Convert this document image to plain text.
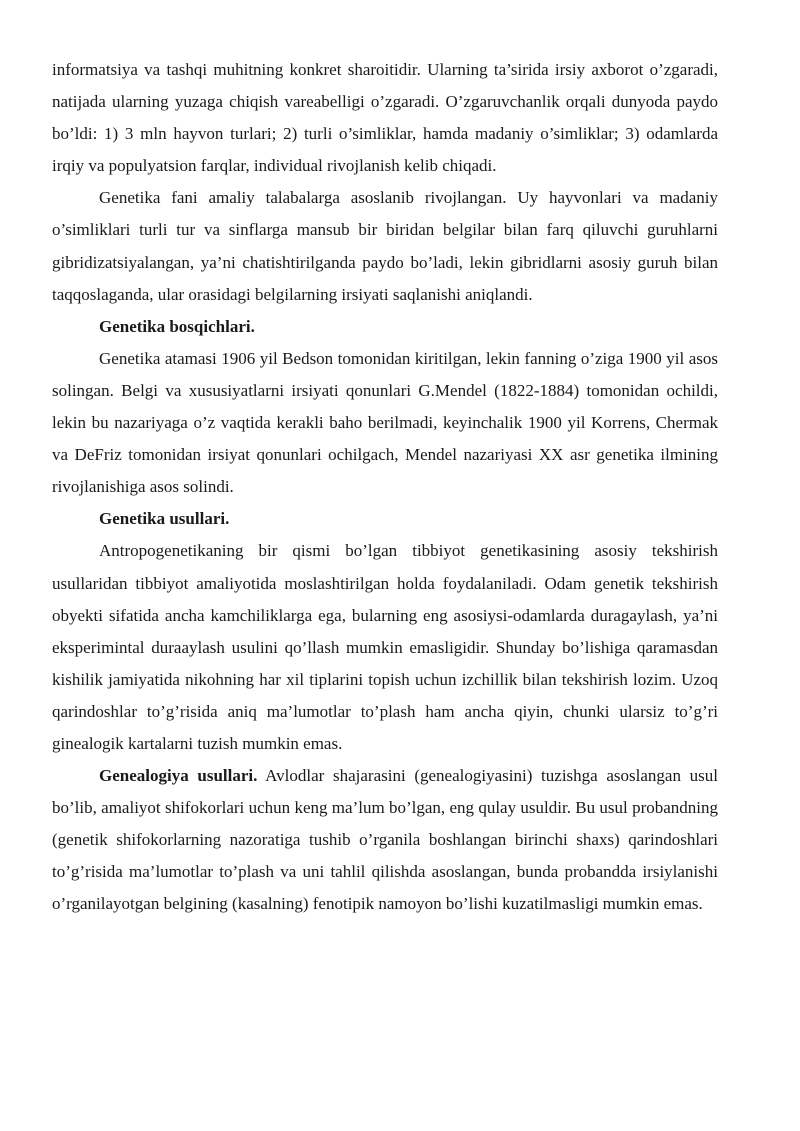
informatsiya va tashqi muhitning konkret sharoitidir. Ularning ta’sirida irsiy axborot o’zgaradi, natijada ularning yuzaga chiqish vareabelligi o’zgaradi. O’zgaruvchanlik orqali dunyoda paydo bo’ldi: 1) 3 mln hayvon turlari; 2) turli o’simliklar, hamda madaniy o’simliklar; 3) odamlarda irqiy va populyatsion farqlar, individual rivojlanish kelib chiqadi.

Genetika fani amaliy talabalarga asoslanib rivojlangan. Uy hayvonlari va madaniy o’simliklari turli tur va sinflarga mansub bir biridan belgilar bilan farq qiluvchi guruhlarni gibridizatsiyalangan, ya’ni chatishtirilganda paydo bo’ladi, lekin gibridlarni asosiy guruh bilan taqqoslaganda, ular orasidagi belgilarning irsiyati saqlanishi aniqlandi.

Genetika bosqichlari.

Genetika atamasi 1906 yil Bedson tomonidan kiritilgan, lekin fanning o’ziga 1900 yil asos solingan. Belgi va xususiyatlarni irsiyati qonunlari G.Mendel (1822-1884) tomonidan ochildi, lekin bu nazariyaga o’z vaqtida kerakli baho berilmadi, keyinchalik 1900 yil Korrens, Chermak va DeFriz tomonidan irsiyat qonunlari ochilgach, Mendel nazariyasi XX asr genetika ilmining rivojlanishiga asos solindi.

Genetika usullari.

Antropogenetikaning bir qismi bo’lgan tibbiyot genetikasining asosiy tekshirish usullaridan tibbiyot amaliyotida moslashtirilgan holda foydalaniladi. Odam genetik tekshirish obyekti sifatida ancha kamchiliklarga ega, bularning eng asosiysi-odamlarda duragaylash, ya’ni eksperimintal duraaylash usulini qo’llash mumkin emasligidir. Shunday bo’lishiga qaramasdan kishilik jamiyatida nikohning har xil tiplarini topish uchun izchillik bilan tekshirish lozim. Uzoq qarindoshlar to’g’risida aniq ma’lumotlar to’plash ham ancha qiyin, chunki ularsiz to’g’ri ginealogik kartalarni tuzish mumkin emas.

Genealogiya usullari. Avlodlar shajarasini (genealogiyasini) tuzishga asoslangan usul bo’lib, amaliyot shifokorlari uchun keng ma’lum bo’lgan, eng qulay usuldir. Bu usul probandning (genetik shifokorlarning nazoratiga tushib o’rganila boshlangan birinchi shaxs) qarindoshlari to’g’risida ma’lumotlar to’plash va uni tahlil qilishda asoslangan, bunda probandda irsiylanishi o’rganilayotgan belgining (kasalning) fenotipik namoyon bo’lishi kuzatilmasligi mumkin emas.
